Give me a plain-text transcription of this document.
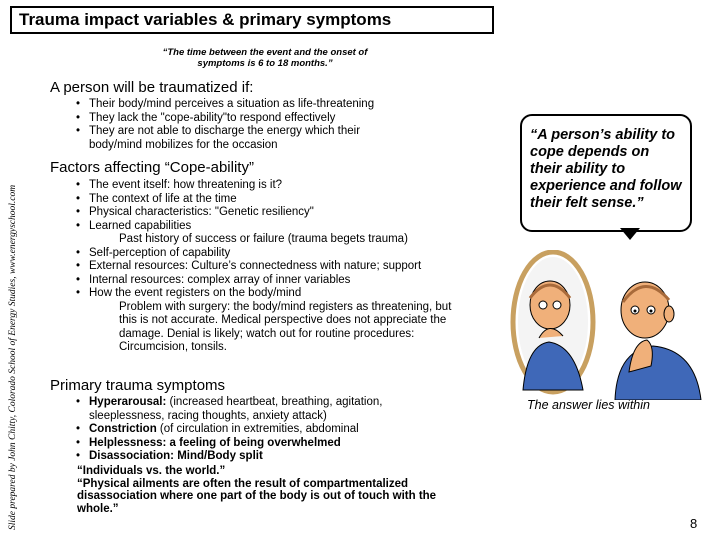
Trauma impact variables & primary symptoms
Slide prepared by John Chitty, Colorado School of Energy Studies, www.energyschool.com
“The time between the event and the onset of symptoms is 6 to 18 months.”
A person will be traumatized if:
• Their body/mind perceives a situation as life-threatening
• They lack the "cope-ability"to respond effectively
• They are not able to discharge the energy which their body/mind mobilizes for the occasion
Factors affecting “Cope-ability”
• The event itself: how threatening is it?
• The context of life at the time
• Physical characteristics: "Genetic resiliency"
• Learned capabilities
Past history of success or failure (trauma begets trauma)
• Self-perception of capability
• External resources: Culture’s connectedness with nature; support
• Internal resources: complex array of inner variables
• How the event registers on the body/mind
Problem with surgery: the body/mind registers as threatening, but this is not accurate. Medical perspective does not appreciate the damage. Denial is likely; watch out for routine procedures: Circumcision, tonsils.
Primary trauma symptoms
• Hyperarousal: (increased heartbeat, breathing, agitation, sleeplessness, racing thoughts, anxiety attack)
• Constriction (of circulation in extremities, abdominal
• Helplessness: a feeling of being overwhelmed
• Disassociation: Mind/Body split
“Individuals vs. the world.”
“Physical ailments are often the result of compartmentalized disassociation where one part of the body is out of touch with the whole.”
“A person’s ability to cope depends on their ability to experience and follow their felt sense.”
The answer lies within
8
